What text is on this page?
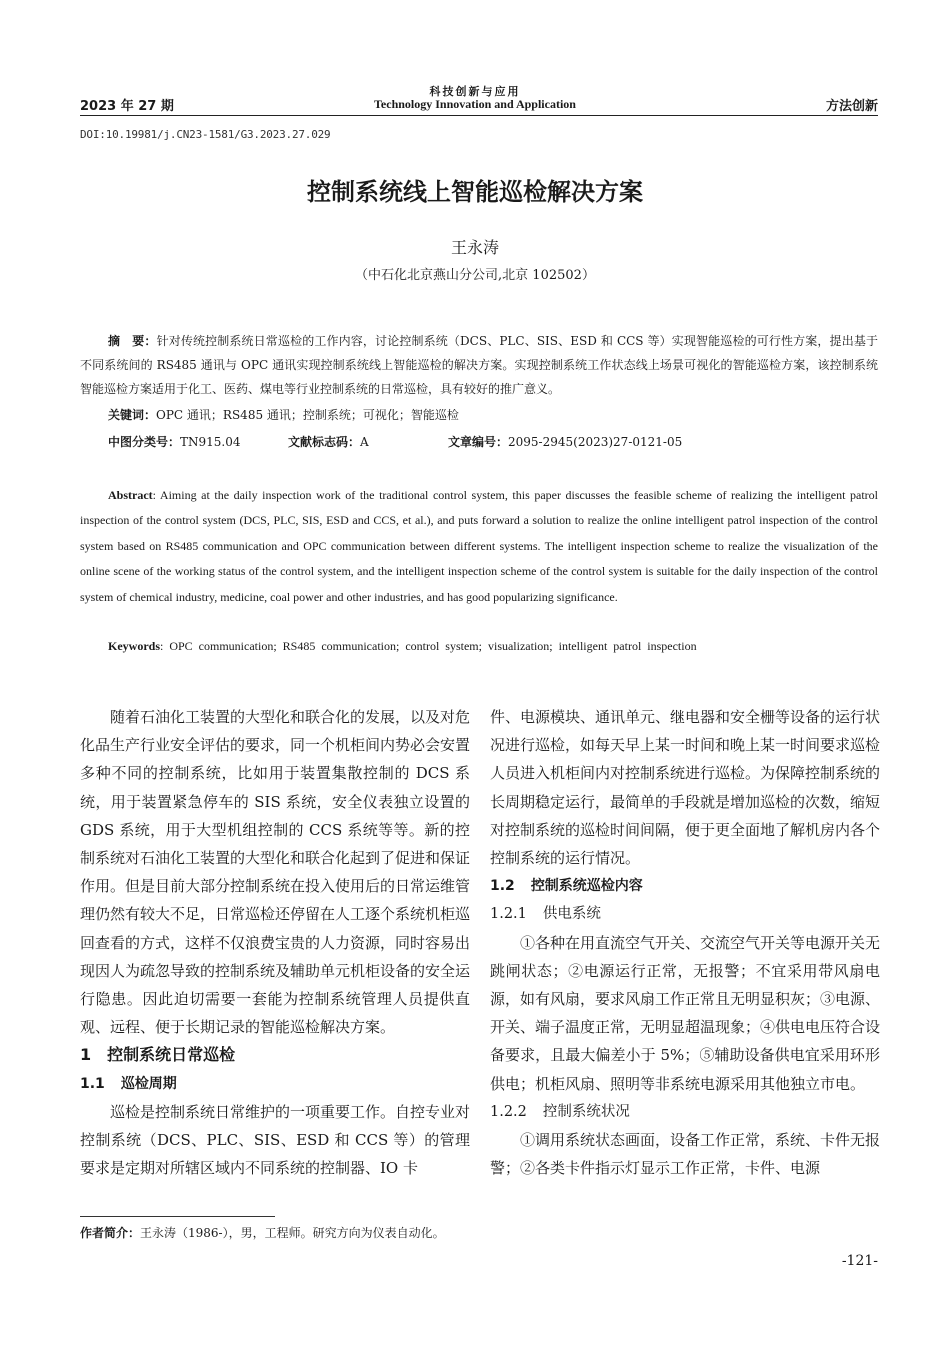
科技创新与应用
2023 年 27 期	Technology Innovation and Application	方法创新
DOI:10.19981/j.CN23-1581/G3.2023.27.029
控制系统线上智能巡检解决方案
王永涛
（中石化北京燕山分公司,北京 102502）

摘　要：针对传统控制系统日常巡检的工作内容，讨论控制系统（DCS、PLC、SIS、ESD 和 CCS 等）实现智能巡检的可行性方案，提出基于不同系统间的 RS485 通讯与 OPC 通讯实现控制系统线上智能巡检的解决方案。实现控制系统工作状态线上场景可视化的智能巡检方案，该控制系统智能巡检方案适用于化工、医药、煤电等行业控制系统的日常巡检，具有较好的推广意义。

关键词：OPC 通讯；RS485 通讯；控制系统；可视化；智能巡检
中图分类号：TN915.04	文献标志码：A	文章编号：2095-2945(2023)27-0121-05

Abstract: Aiming at the daily inspection work of the traditional control system, this paper discusses the feasible scheme of realizing the intelligent patrol inspection of the control system (DCS, PLC, SIS, ESD and CCS, et al.), and puts forward a solution to realize the online intelligent patrol inspection of the control system based on RS485 communication and OPC communication between different systems. The intelligent inspection scheme to realize the visualization of the online scene of the working status of the control system, and the intelligent inspection scheme of the control system is suitable for the daily inspection of the control system of chemical industry, medicine, coal power and other industries, and has good popularizing significance.

Keywords: OPC communication; RS485 communication; control system; visualization; intelligent patrol inspection

随着石油化工装置的大型化和联合化的发展，以及对危化品生产行业安全评估的要求，同一个机柜间内势必会安置多种不同的控制系统，比如用于装置集散控制的 DCS 系统，用于装置紧急停车的 SIS 系统，安全仪表独立设置的 GDS 系统，用于大型机组控制的 CCS 系统等等。新的控制系统对石油化工装置的大型化和联合化起到了促进和保证作用。但是目前大部分控制系统在投入使用后的日常运维管理仍然有较大不足，日常巡检还停留在人工逐个系统机柜巡回查看的方式，这样不仅浪费宝贵的人力资源，同时容易出现因人为疏忽导致的控制系统及辅助单元机柜设备的安全运行隐患。因此迫切需要一套能为控制系统管理人员提供直观、远程、便于长期记录的智能巡检解决方案。

1 控制系统日常巡检

1.1 巡检周期

巡检是控制系统日常维护的一项重要工作。自控专业对控制系统（DCS、PLC、SIS、ESD 和 CCS 等）的管理要求是定期对所辖区域内不同系统的控制器、IO 卡

件、电源模块、通讯单元、继电器和安全栅等设备的运行状况进行巡检，如每天早上某一时间和晚上某一时间要求巡检人员进入机柜间内对控制系统进行巡检。为保障控制系统的长周期稳定运行，最简单的手段就是增加巡检的次数，缩短对控制系统的巡检时间间隔，便于更全面地了解机房内各个控制系统的运行情况。

1.2 控制系统巡检内容

1.2.1 供电系统

①各种在用直流空气开关、交流空气开关等电源开关无跳闸状态；②电源运行正常，无报警；不宜采用带风扇电源，如有风扇，要求风扇工作正常且无明显积灰；③电源、开关、端子温度正常，无明显超温现象；④供电电压符合设备要求，且最大偏差小于 5%；⑤辅助设备供电宜采用环形供电；机柜风扇、照明等非系统电源采用其他独立市电。

1.2.2 控制系统状况

①调用系统状态画面，设备工作正常，系统、卡件无报警；②各类卡件指示灯显示工作正常，卡件、电源

作者简介：王永涛（1986-），男，工程师。研究方向为仪表自动化。
-121-
